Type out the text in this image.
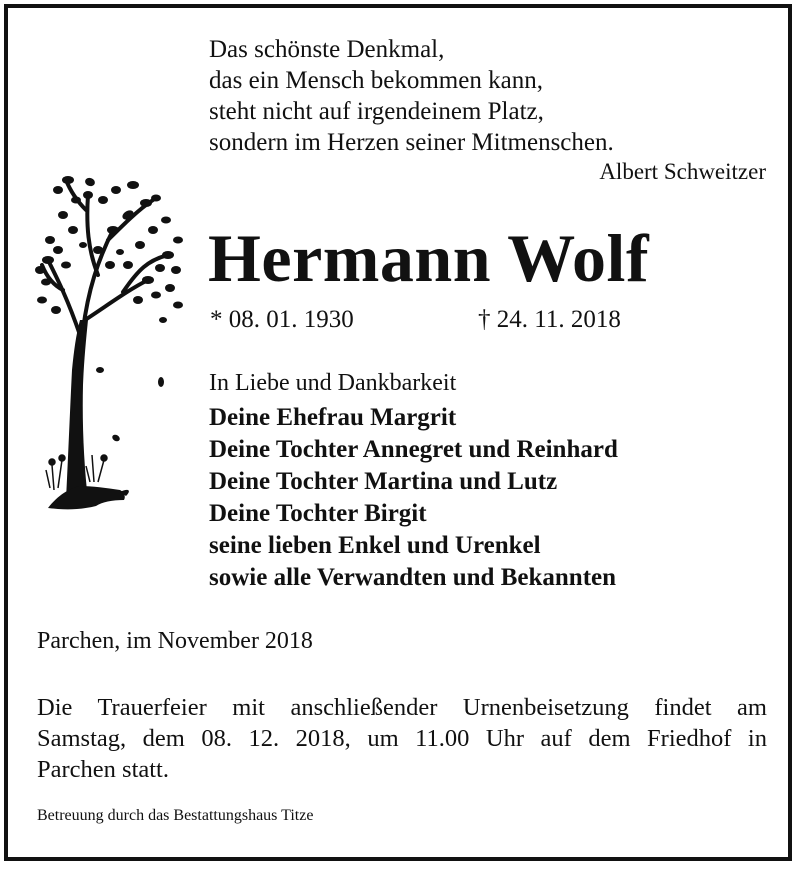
Das schönste Denkmal,
das ein Mensch bekommen kann,
steht nicht auf irgendeinem Platz,
sondern im Herzen seiner Mitmenschen.
Albert Schweitzer
Hermann Wolf
* 08. 01. 1930	† 24. 11. 2018
In Liebe und Dankbarkeit
Deine Ehefrau Margrit
Deine Tochter Annegret und Reinhard
Deine Tochter Martina und Lutz
Deine Tochter Birgit
seine lieben Enkel und Urenkel
sowie alle Verwandten und Bekannten
Parchen, im November 2018
Die Trauerfeier mit anschließender Urnenbeisetzung findet am
Samstag, dem 08. 12. 2018, um 11.00 Uhr auf dem Friedhof in
Parchen statt.
Betreuung durch das Bestattungshaus Titze
